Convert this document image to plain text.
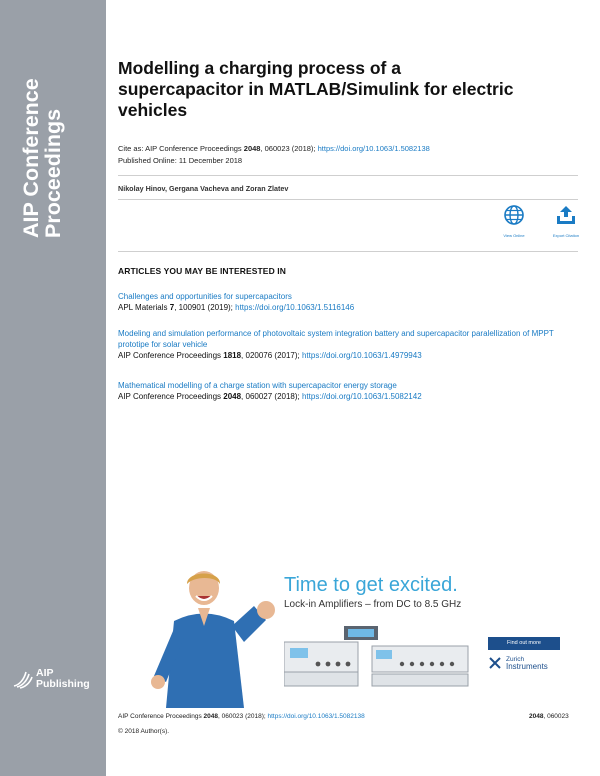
AIP Conference
Proceedings
AIP
Publishing
Modelling a charging process of a supercapacitor in MATLAB/Simulink for electric vehicles
Cite as: AIP Conference Proceedings 2048, 060023 (2018); https://doi.org/10.1063/1.5082138
Published Online: 11 December 2018
Nikolay Hinov, Gergana Vacheva and Zoran Zlatev
View Online	Export Citation
ARTICLES YOU MAY BE INTERESTED IN
Challenges and opportunities for supercapacitors
APL Materials 7, 100901 (2019); https://doi.org/10.1063/1.5116146
Modeling and simulation performance of photovoltaic system integration battery and supercapacitor paralellization of MPPT prototipe for solar vehicle
AIP Conference Proceedings 1818, 020076 (2017); https://doi.org/10.1063/1.4979943
Mathematical modelling of a charge station with supercapacitor energy storage
AIP Conference Proceedings 2048, 060027 (2018); https://doi.org/10.1063/1.5082142
Time to get excited.
Lock-in Amplifiers – from DC to 8.5 GHz
Find out more
Zurich
Instruments
AIP Conference Proceedings 2048, 060023 (2018); https://doi.org/10.1063/1.5082138
© 2018 Author(s).
2048, 060023
